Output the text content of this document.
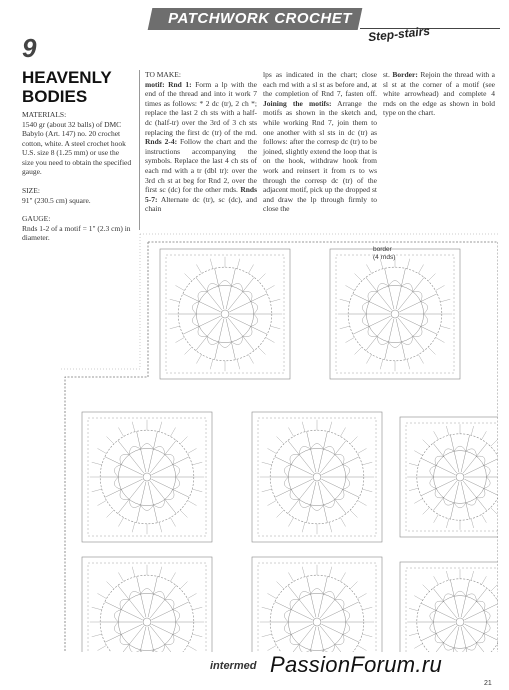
PATCHWORK CROCHET
Step-stairs
9
HEAVENLY
BODIES
MATERIALS:
1540 gr (about 32 balls) of DMC Babylo (Art. 147) no. 20 crochet cotton, white. A steel crochet hook U.S. size 8 (1.25 mm) or use the size you need to obtain the specified gauge.
SIZE:
91" (230.5 cm) square.
GAUGE:
Rnds 1-2 of a motif = 1" (2.3 cm) in diameter.
TO MAKE:
motif: Rnd 1: Form a lp with the end of the thread and into it work 7 times as follows: * 2 dc (tr), 2 ch *; replace the last 2 ch sts with a half-dc (half-tr) over the 3rd of 3 ch sts replacing the first dc (tr) of the rnd. Rnds 2-4: Follow the chart and the instructions accompanying the symbols. Replace the last 4 ch sts of each rnd with a tr (dbl tr): over the 3rd ch st at beg for Rnd 2, over the first sc (dc) for the other rnds. Rnds 5-7: Alternate dc (tr), sc (dc), and chain
lps as indicated in the chart; close each rnd with a sl st as before and, at the completion of Rnd 7, fasten off. Joining the motifs: Arrange the motifs as shown in the sketch and, while working Rnd 7, join them to one another with sl sts in dc (tr) as follows: after the corresp dc (tr) to be joined, slightly extend the loop that is on the hook, withdraw hook from work and reinsert it from rs to ws through the corresp dc (tr) of the adjacent motif, pick up the dropped st and draw the lp through firmly to close the
st. Border: Rejoin the thread with a sl st at the corner of a motif (see white arrowhead) and complete 4 rnds on the edge as shown in bold type on the chart.
border
(4 rnds)
intermed PassionForum.ru
21
